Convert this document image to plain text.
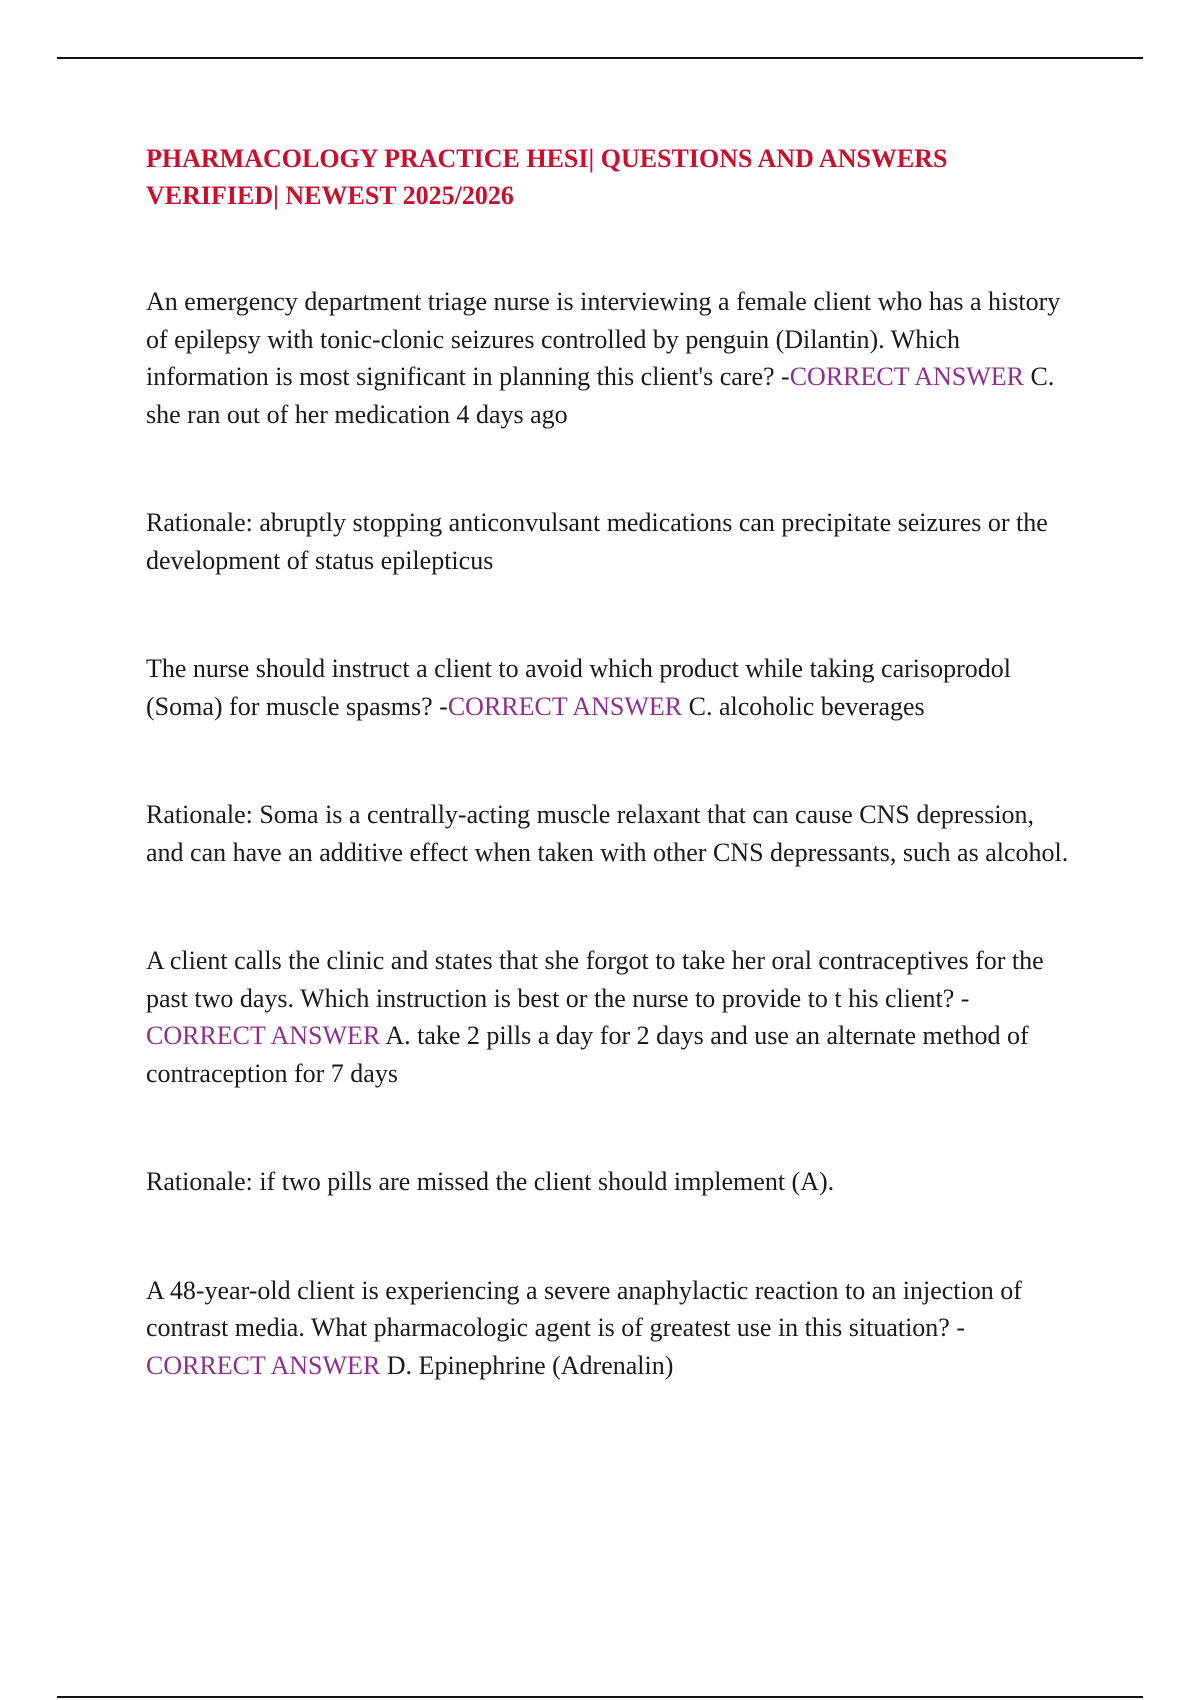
PHARMACOLOGY PRACTICE HESI| QUESTIONS AND ANSWERS
VERIFIED| NEWEST 2025/2026

An emergency department triage nurse is interviewing a female client who has a history of epilepsy with tonic-clonic seizures controlled by penguin (Dilantin). Which information is most significant in planning this client's care? -CORRECT ANSWER C. she ran out of her medication 4 days ago

Rationale: abruptly stopping anticonvulsant medications can precipitate seizures or the development of status epilepticus

The nurse should instruct a client to avoid which product while taking carisoprodol (Soma) for muscle spasms? -CORRECT ANSWER C. alcoholic beverages

Rationale: Soma is a centrally-acting muscle relaxant that can cause CNS depression, and can have an additive effect when taken with other CNS depressants, such as alcohol.

A client calls the clinic and states that she forgot to take her oral contraceptives for the past two days. Which instruction is best or the nurse to provide to t his client? -CORRECT ANSWER A. take 2 pills a day for 2 days and use an alternate method of contraception for 7 days

Rationale: if two pills are missed the client should implement (A).

A 48-year-old client is experiencing a severe anaphylactic reaction to an injection of contrast media. What pharmacologic agent is of greatest use in this situation? -CORRECT ANSWER D. Epinephrine (Adrenalin)
